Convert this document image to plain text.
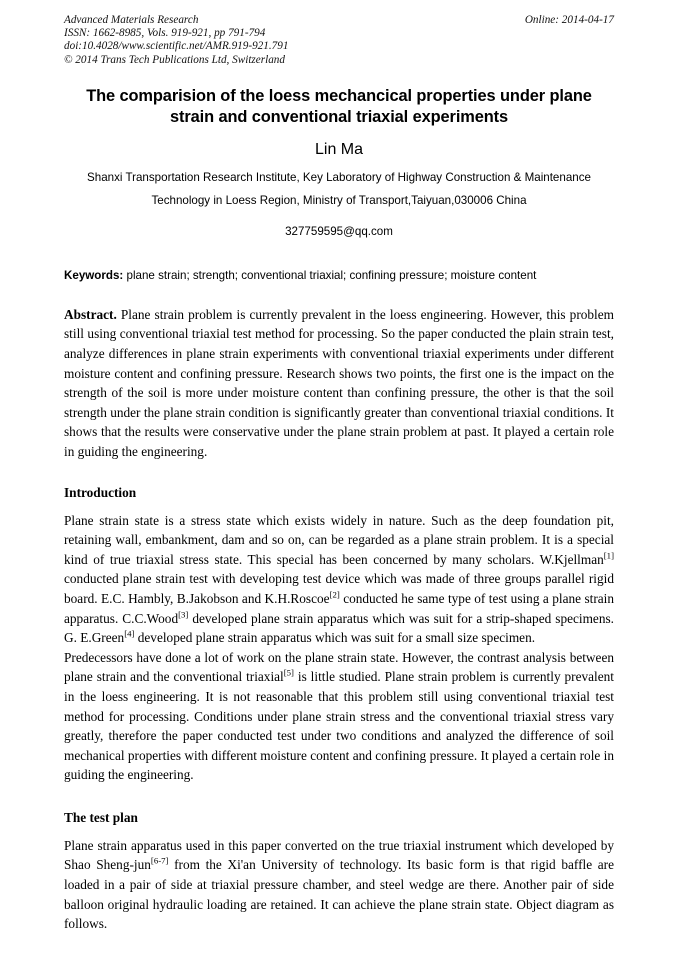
Advanced Materials Research
ISSN: 1662-8985, Vols. 919-921, pp 791-794
doi:10.4028/www.scientific.net/AMR.919-921.791
© 2014 Trans Tech Publications Ltd, Switzerland
Online: 2014-04-17
The comparision of the loess mechancical properties under plane strain and conventional triaxial experiments
Lin Ma
Shanxi Transportation Research Institute, Key Laboratory of Highway Construction & Maintenance
Technology in Loess Region, Ministry of Transport,Taiyuan,030006 China
327759595@qq.com
Keywords: plane strain; strength; conventional triaxial; confining pressure; moisture content
Abstract. Plane strain problem is currently prevalent in the loess engineering. However, this problem still using conventional triaxial test method for processing. So the paper conducted the plain strain test, analyze differences in plane strain experiments with conventional triaxial experiments under different moisture content and confining pressure. Research shows two points, the first one is the impact on the strength of the soil is more under moisture content than confining pressure, the other is that the soil strength under the plane strain condition is significantly greater than conventional triaxial conditions. It shows that the results were conservative under the plane strain problem at past. It played a certain role in guiding the engineering.
Introduction

Plane strain state is a stress state which exists widely in nature. Such as the deep foundation pit, retaining wall, embankment, dam and so on, can be regarded as a plane strain problem. It is a special kind of true triaxial stress state. This special has been concerned by many scholars. W.Kjellman[1] conducted plane strain test with developing test device which was made of three groups parallel rigid board. E.C. Hambly, B.Jakobson and K.H.Roscoe[2] conducted he same type of test using a plane strain apparatus. C.C.Wood[3] developed plane strain apparatus which was suit for a strip-shaped specimens. G. E.Green[4] developed plane strain apparatus which was suit for a small size specimen.

Predecessors have done a lot of work on the plane strain state. However, the contrast analysis between plane strain and the conventional triaxial[5] is little studied. Plane strain problem is currently prevalent in the loess engineering. It is not reasonable that this problem still using conventional triaxial test method for processing. Conditions under plane strain stress and the conventional triaxial stress vary greatly, therefore the paper conducted test under two conditions and analyzed the difference of soil mechanical properties with different moisture content and confining pressure. It played a certain role in guiding the engineering.

The test plan

Plane strain apparatus used in this paper converted on the true triaxial instrument which developed by Shao Sheng-jun[6-7] from the Xi'an University of technology. Its basic form is that rigid baffle are loaded in a pair of side at triaxial pressure chamber, and steel wedge are there. Another pair of side balloon original hydraulic loading are retained. It can achieve the plane strain state. Object diagram as follows.
